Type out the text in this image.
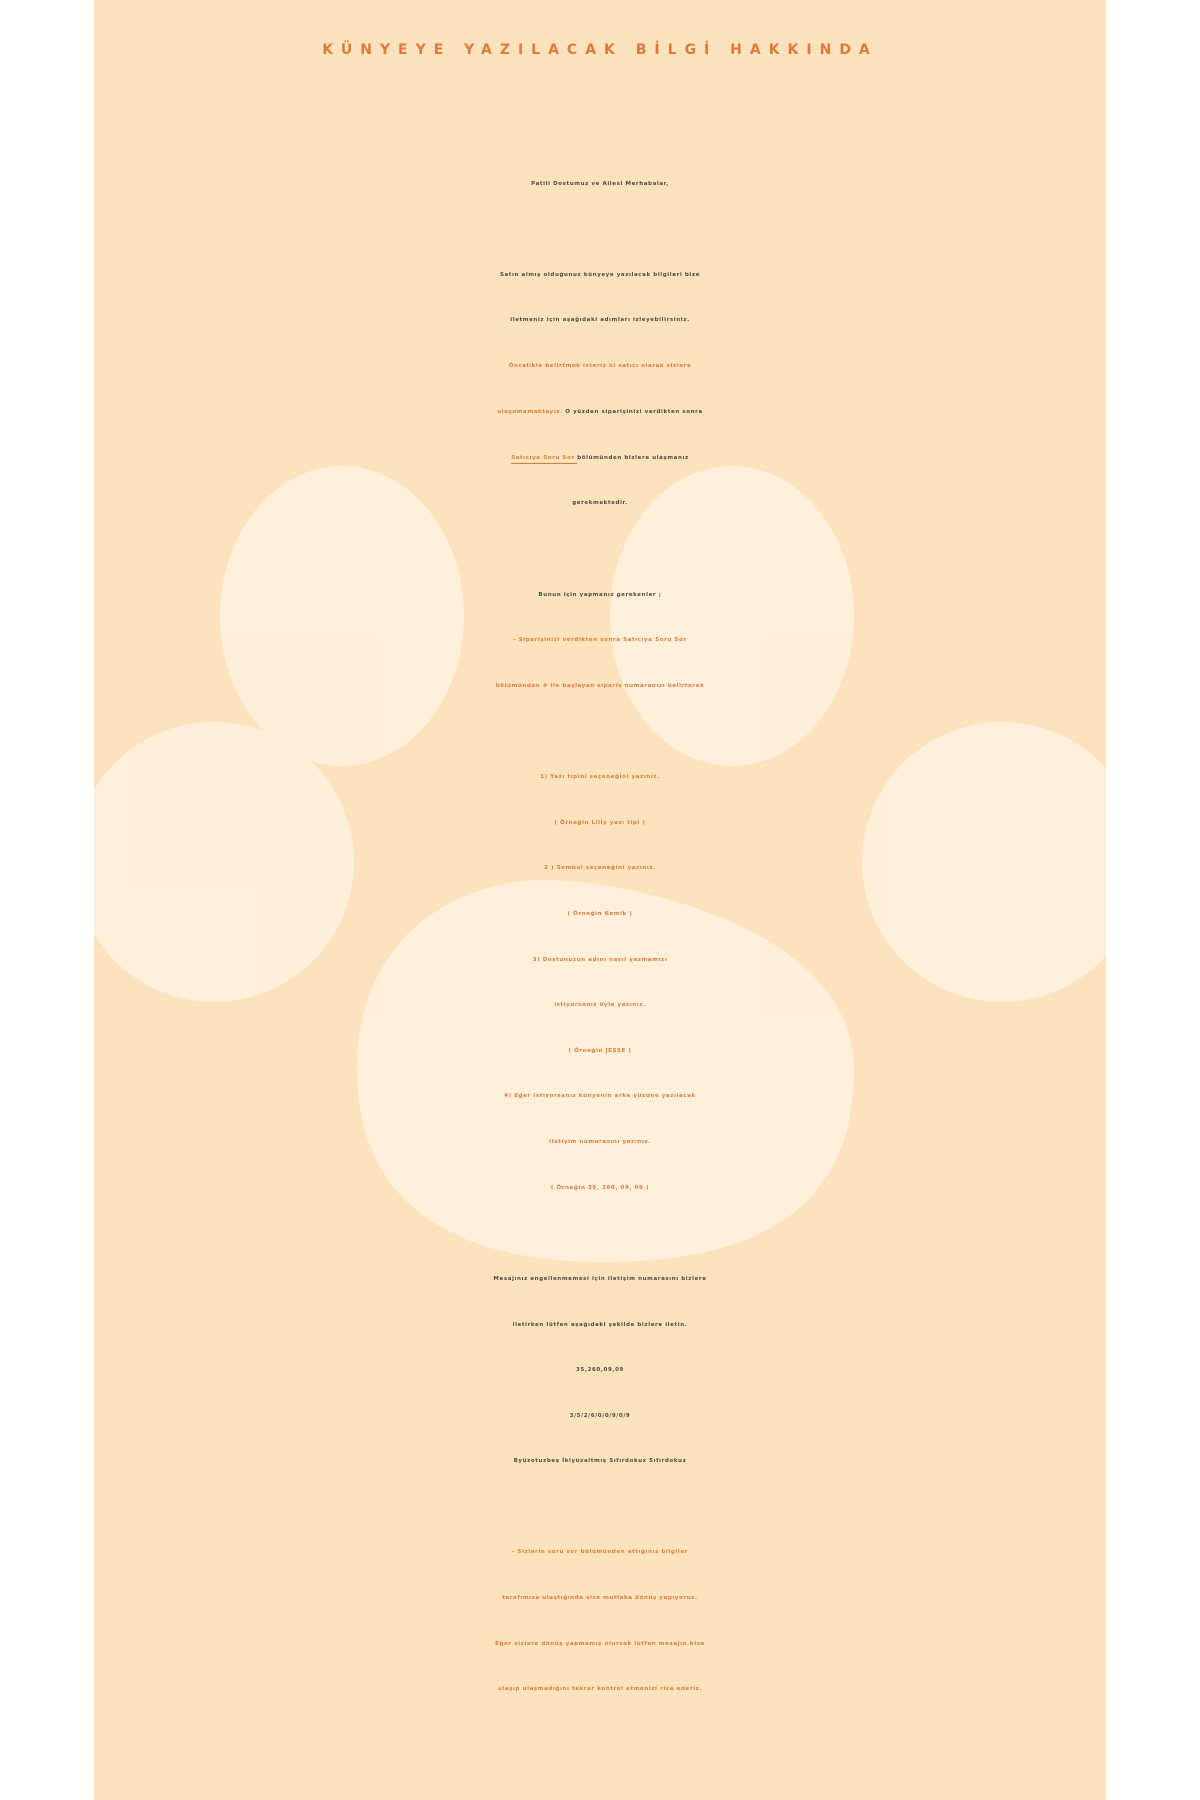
KÜNYEYE YAZILACAK BİLGİ HAKKINDA
Patili Dostumuz ve Ailesi Merhabalar,
Satın almış olduğunuz künyeye yazılacak bilgileri bize
iletmeniz için aşağıdaki adımları izleyebilirsiniz.
Öncelikle belirtmek isteriz ki satıcı olarak sizlere
ulaşamamaktayız. O yüzden siparişinizi verdikten sonra
Satıcıya Soru Sor bölümünden bizlere ulaşmanız
gerekmektedir.
Bunun için yapmanız gerekenler ;
- Siparişinizi verdikten sonra Satıcıya Soru Sor
bölümünden # ile başlayan sipariş numaranızı belirterek
1) Yazı tipini seçeneğini yazınız.
( Örneğin Lilly yazı tipi )
2 ) Sembol seçeneğini yazınız.
( Örneğin Kemik )
3) Dostunuzun adını nasıl yazmamızı
istiyorsanız öyle yazınız.
( Örneğin JESSE )
4) Eğer istiyorsanız künyenin arka yüzüne yazılacak
iletişim numarasını yazınız.
( Örneğin 35, 260, 09, 09 )
Mesajınız engellenmemesi için iletişim numarasını bizlere
iletirken lütfen aşağıdaki şekilde bizlere iletin.
35,260,09,09
3/5/2/6/0/0/9/0/9
Byüzotuzbeş İkiyüzaltmış Sıfırdokuz Sıfırdokuz
- Sizlerin soru sor bölümünden attığınız bilgiler
tarafımıza ulaştığında size mutlaka dönüş yapıyoruz.
Eğer sizlere dönüş yapmamış olursak lütfen mesajın bize
ulaşıp ulaşmadığını tekrar kontrol etmenizi rica ederiz.
